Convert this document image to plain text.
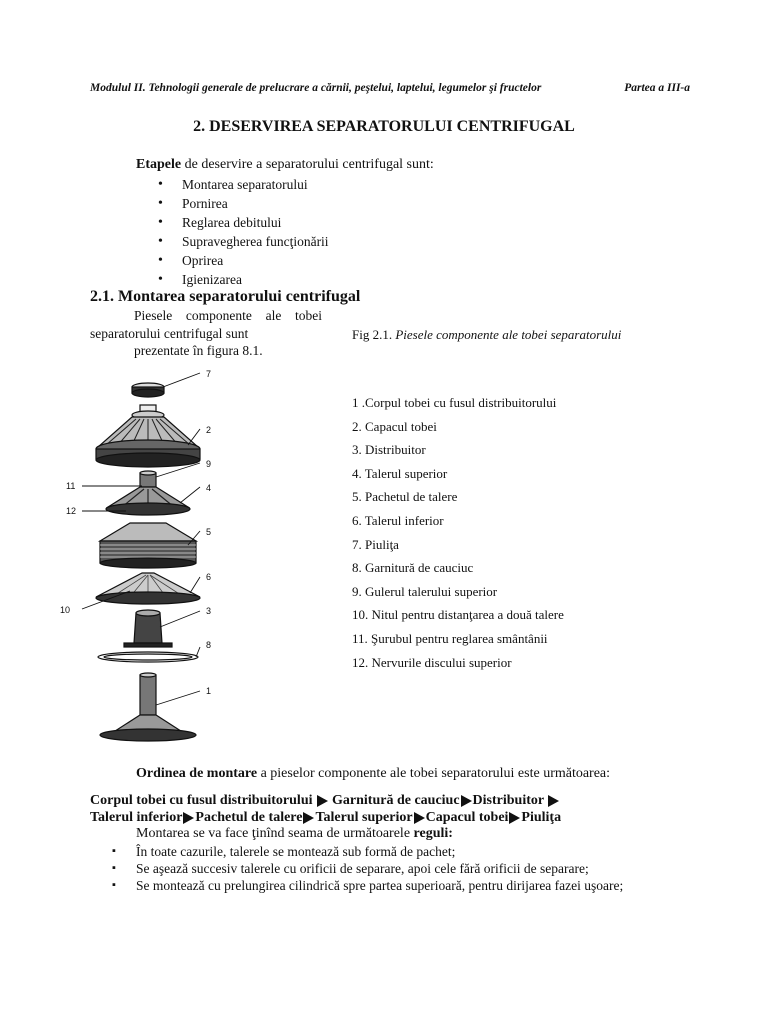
Modulul II. Tehnologii generale de prelucrare a cărnii, peştelui, laptelui, legumelor şi fructelor	Partea a III-a
2. DESERVIREA SEPARATORULUI CENTRIFUGAL
Etapele de deservire a separatorului centrifugal sunt:
• Montarea separatorului
• Pornirea
• Reglarea debitului
• Supravegherea funcţionării
• Oprirea
• Igienizarea
2.1. Montarea separatorului centrifugal
Piesele componente ale tobei separatorului centrifugal sunt
prezentate în figura 8.1.
Fig 2.1. Piesele componente ale tobei separatorului
1 .Corpul tobei cu fusul distribuitorului
2. Capacul tobei
3. Distribuitor
4. Talerul superior
5. Pachetul de talere
6. Talerul inferior
7. Piuliţa
8. Garnitură de cauciuc
9. Gulerul talerului superior
10. Nitul pentru distanţarea a două talere
11. Şurubul pentru reglarea smântânii
12. Nervurile discului superior
7
2
9
11	4
12
5
6
10	3
8
1
Ordinea de montare a pieselor componente ale tobei separatorului este următoarea:
Corpul tobei cu fusul distribuitorului Garnitură de cauciuc Distribuitor
Talerul inferior Pachetul de talere Talerul superior Capacul tobei Piuliţa
Montarea se va face ţinînd seama de următoarele reguli:
▪ În toate cazurile, talerele se montează sub formă de pachet;
▪ Se aşează succesiv talerele cu orificii de separare, apoi cele fără orificii de separare;
▪ Se montează cu prelungirea cilindrică spre partea superioară, pentru dirijarea fazei uşoare;
